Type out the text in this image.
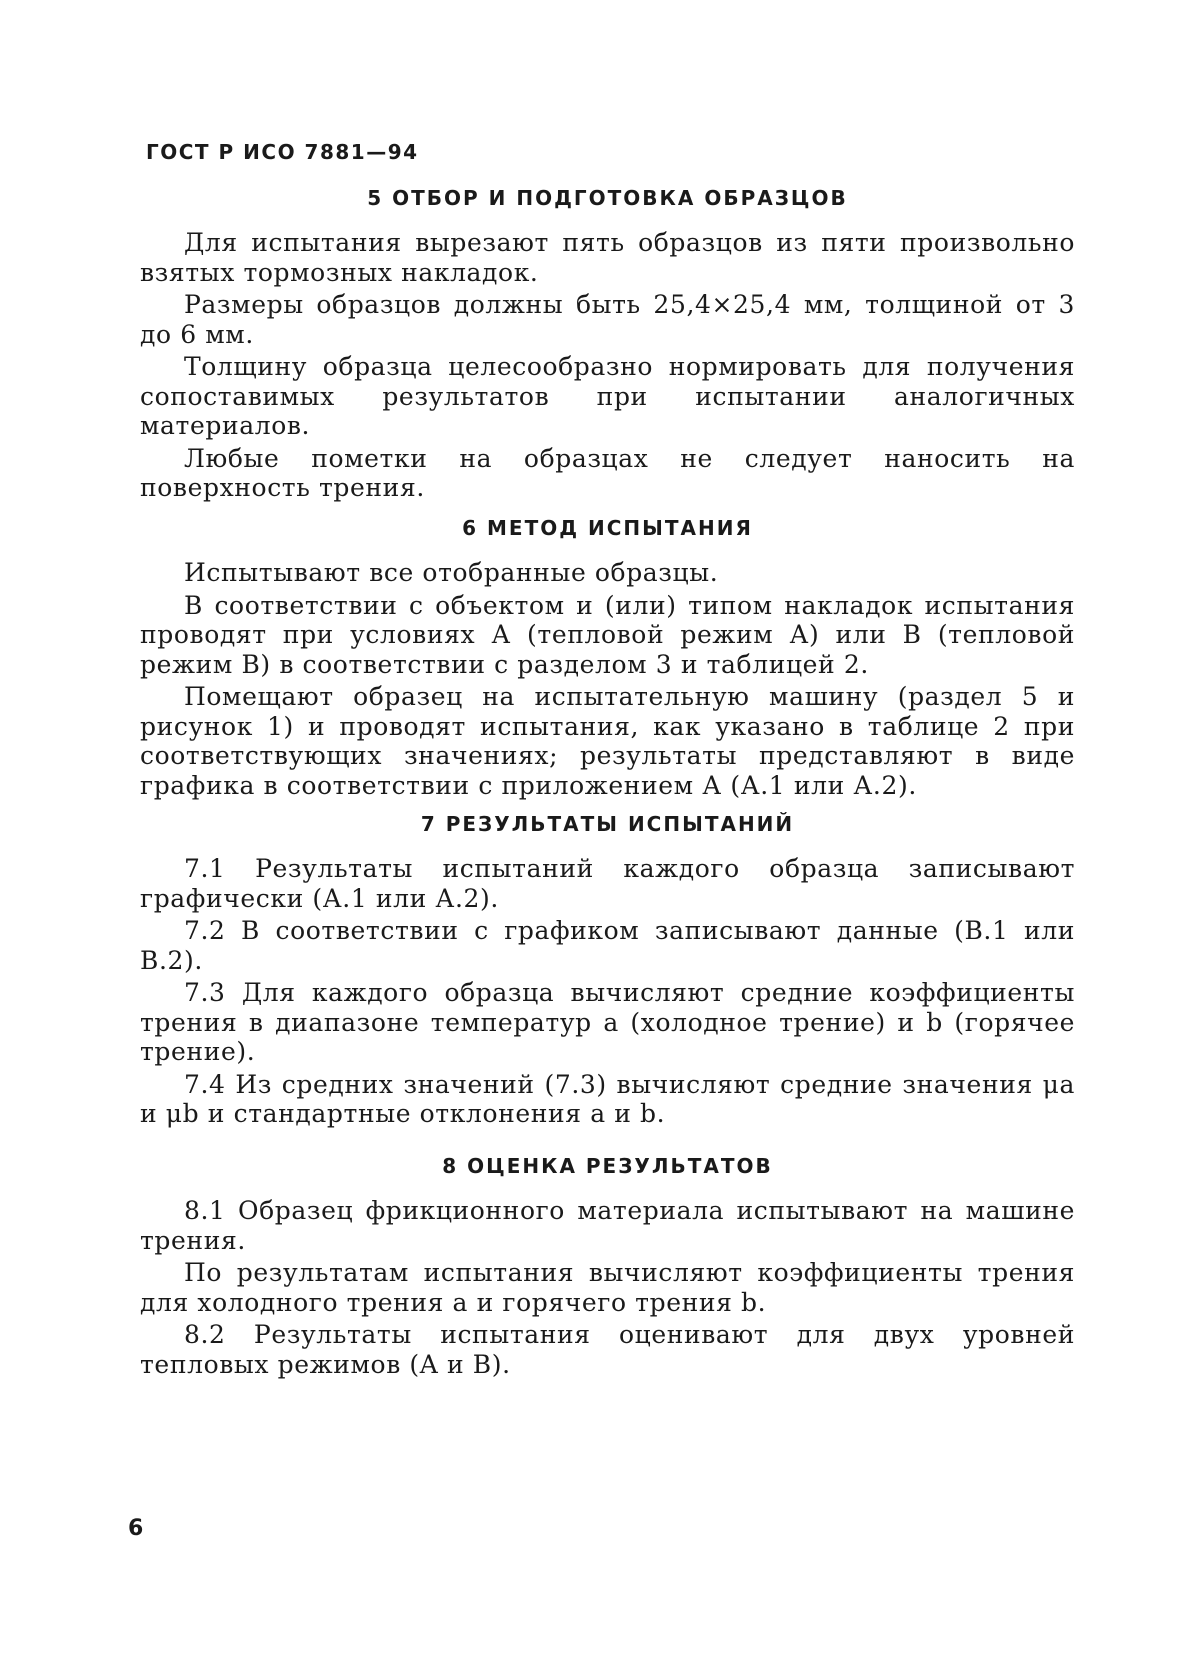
ГОСТ Р ИСО 7881—94
5 ОТБОР И ПОДГОТОВКА ОБРАЗЦОВ

Для испытания вырезают пять образцов из пяти произвольно взятых тормозных накладок.

Размеры образцов должны быть 25,4×25,4 мм, толщиной от 3 до 6 мм.

Толщину образца целесообразно нормировать для получения сопоставимых результатов при испытании аналогичных материалов.

Любые пометки на образцах не следует наносить на поверхность трения.

6 МЕТОД ИСПЫТАНИЯ

Испытывают все отобранные образцы.

В соответствии с объектом и (или) типом накладок испытания проводят при условиях А (тепловой режим А) или В (тепловой режим В) в соответствии с разделом 3 и таблицей 2.

Помещают образец на испытательную машину (раздел 5 и рисунок 1) и проводят испытания, как указано в таблице 2 при соответствующих значениях; результаты представляют в виде графика в соответствии с приложением А (А.1 или А.2).

7 РЕЗУЛЬТАТЫ ИСПЫТАНИЙ

7.1 Результаты испытаний каждого образца записывают графически (А.1 или А.2).

7.2 В соответствии с графиком записывают данные (В.1 или В.2).

7.3 Для каждого образца вычисляют средние коэффициенты трения в диапазоне температур a (холодное трение) и b (горячее трение).

7.4 Из средних значений (7.3) вычисляют средние значения μa и μb и стандартные отклонения a и b.

8 ОЦЕНКА РЕЗУЛЬТАТОВ

8.1 Образец фрикционного материала испытывают на машине трения.

По результатам испытания вычисляют коэффициенты трения для холодного трения a и горячего трения b.

8.2 Результаты испытания оценивают для двух уровней тепловых режимов (A и B).

6
